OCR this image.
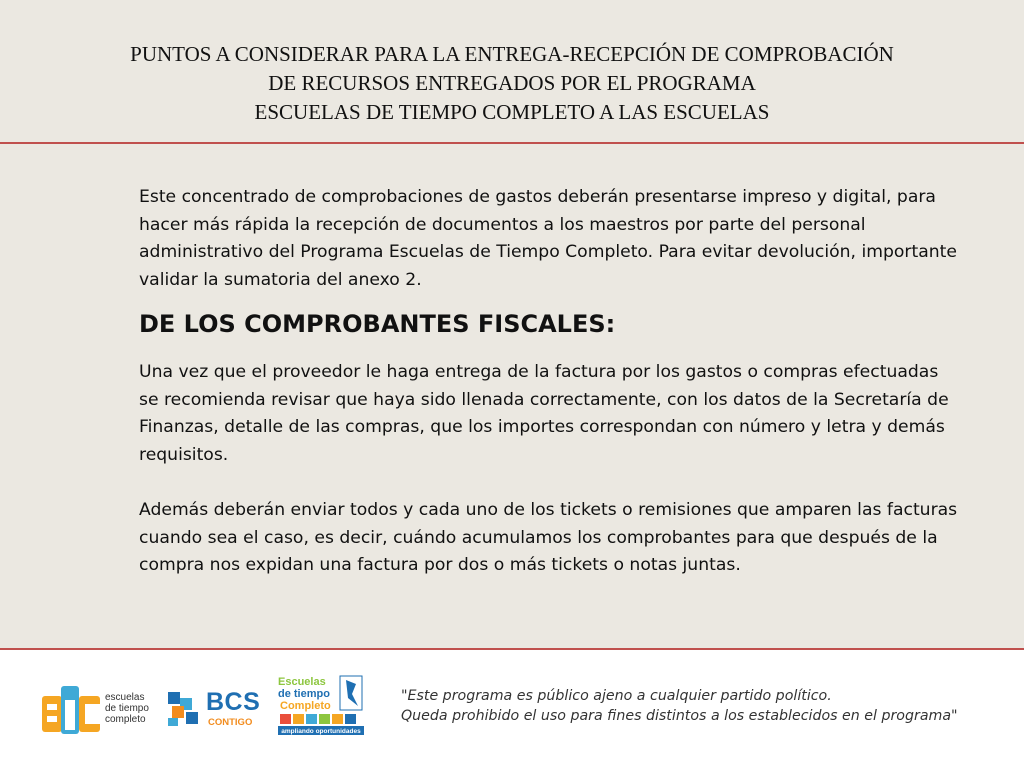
PUNTOS A CONSIDERAR PARA LA ENTREGA-RECEPCIÓN DE COMPROBACIÓN
DE RECURSOS ENTREGADOS POR EL PROGRAMA
ESCUELAS DE TIEMPO COMPLETO A LAS ESCUELAS

Este concentrado de comprobaciones de gastos deberán presentarse impreso y digital, para hacer más rápida la recepción de documentos a los maestros por parte del personal administrativo del Programa Escuelas de Tiempo Completo. Para evitar devolución, importante validar la sumatoria del anexo 2.

DE LOS COMPROBANTES FISCALES:

Una vez que el proveedor le haga entrega de la factura por los gastos o compras efectuadas se recomienda revisar que haya sido llenada correctamente, con los datos de la Secretaría de Finanzas, detalle de las compras, que los importes correspondan con número y letra y demás requisitos.

Además deberán enviar todos y cada uno de los tickets o remisiones que amparen las facturas cuando sea el caso, es decir, cuándo acumulamos los comprobantes para que después de la compra nos expidan una factura por dos o más tickets o notas juntas.

escuelas
de tiempo
completo
BCS
CONTIGO
Escuelas
de tiempo
Completo
ampliando oportunidades
"Este programa es público ajeno a cualquier partido político.
Queda prohibido el uso para fines distintos a los establecidos en el programa"
